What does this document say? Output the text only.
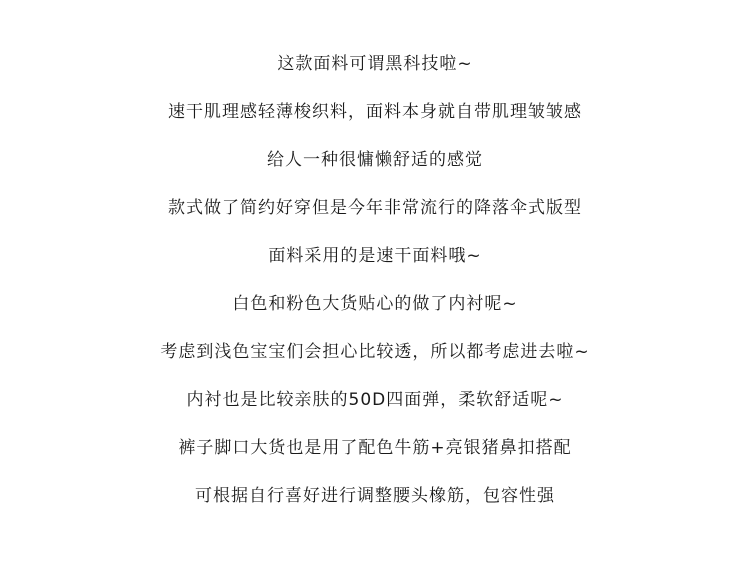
这款面料可谓黑科技啦~
速干肌理感轻薄梭织料，面料本身就自带肌理皱皱感
给人一种很慵懒舒适的感觉
款式做了简约好穿但是今年非常流行的降落伞式版型
面料采用的是速干面料哦~
白色和粉色大货贴心的做了内衬呢~
考虑到浅色宝宝们会担心比较透，所以都考虑进去啦~
内衬也是比较亲肤的50D四面弹，柔软舒适呢~
裤子脚口大货也是用了配色牛筋+亮银猪鼻扣搭配
可根据自行喜好进行调整腰头橡筋，包容性强
